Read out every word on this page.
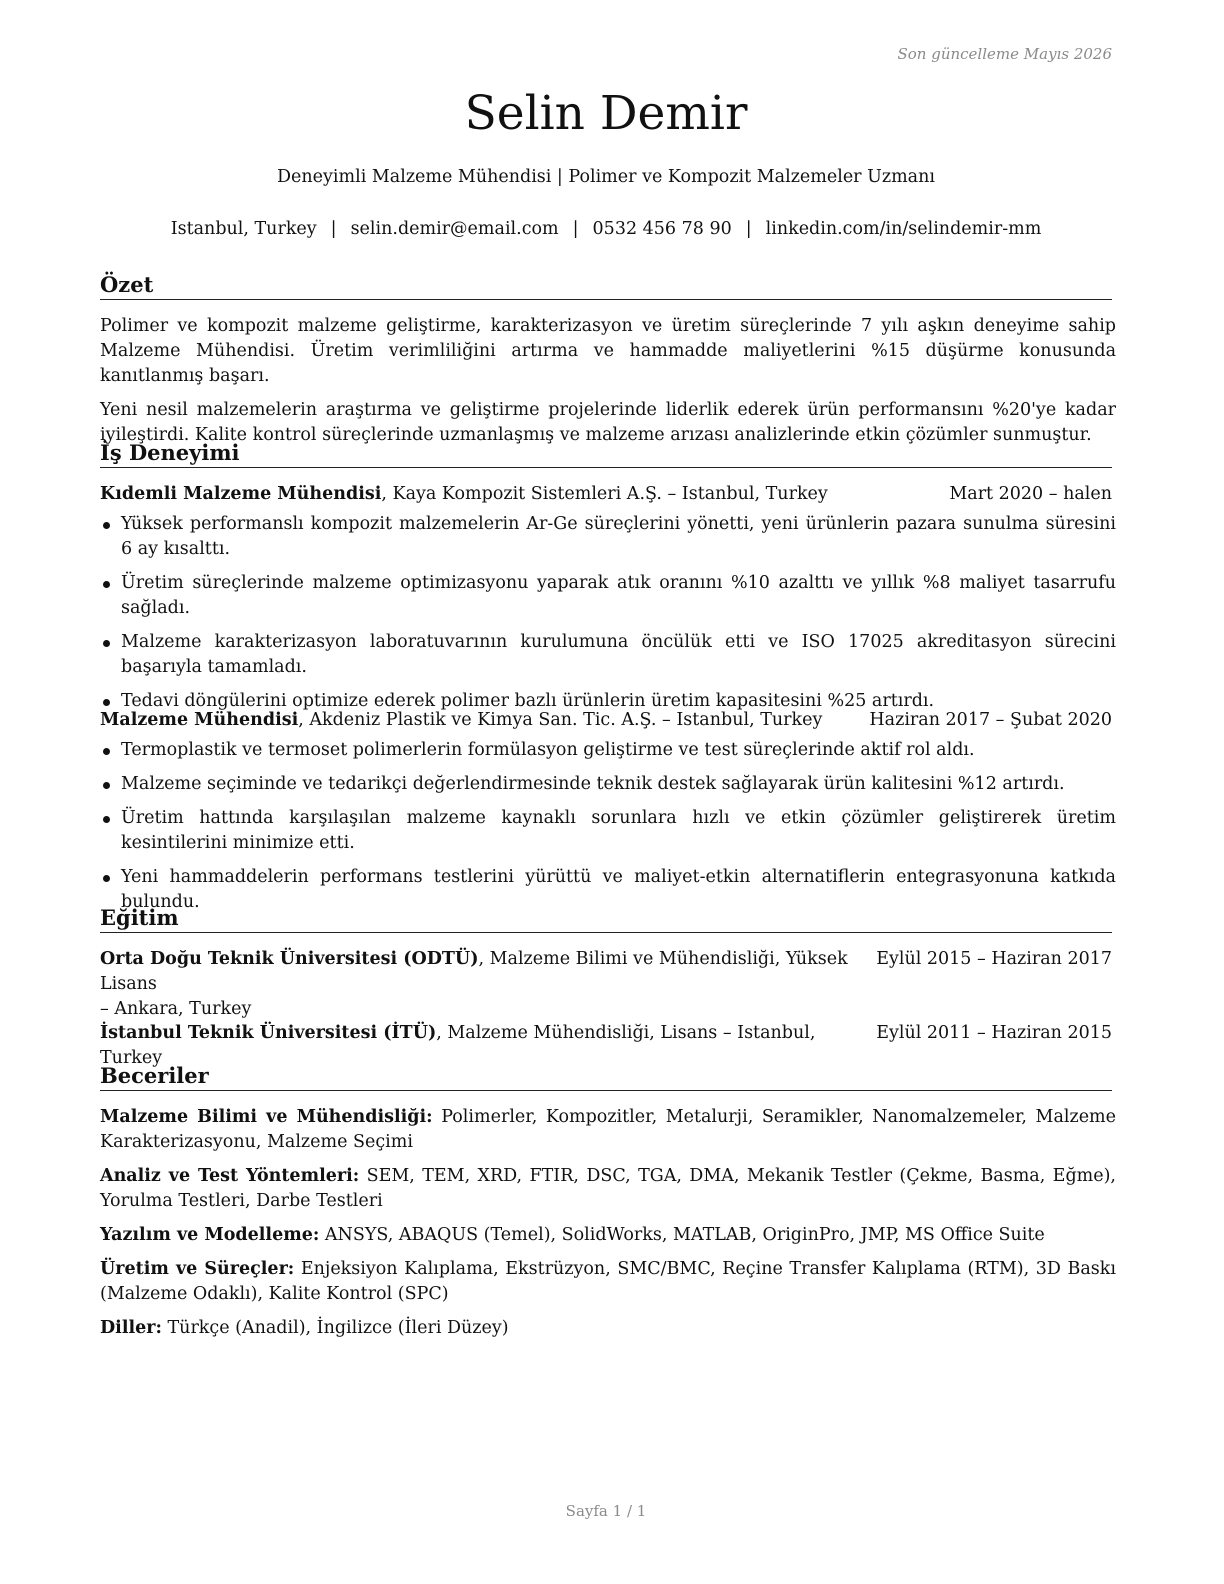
Son güncelleme Mayıs 2026
Selin Demir
Deneyimli Malzeme Mühendisi | Polimer ve Kompozit Malzemeler Uzmanı
Istanbul, Turkey | selin.demir@email.com | 0532 456 78 90 | linkedin.com/in/selindemir-mm
Özet

Polimer ve kompozit malzeme geliştirme, karakterizasyon ve üretim süreçlerinde 7 yılı aşkın deneyime sahip Malzeme Mühendisi. Üretim verimliliğini artırma ve hammadde maliyetlerini %15 düşürme konusunda kanıtlanmış başarı.

Yeni nesil malzemelerin araştırma ve geliştirme projelerinde liderlik ederek ürün performansını %20'ye kadar iyileştirdi. Kalite kontrol süreçlerinde uzmanlaşmış ve malzeme arızası analizlerinde etkin çözümler sunmuştur.

İş Deneyimi
Kıdemli Malzeme Mühendisi, Kaya Kompozit Sistemleri A.Ş. – Istanbul, Turkey	Mart 2020 – halen
Yüksek performanslı kompozit malzemelerin Ar-Ge süreçlerini yönetti, yeni ürünlerin pazara sunulma süresini 6 ay kısalttı.
Üretim süreçlerinde malzeme optimizasyonu yaparak atık oranını %10 azalttı ve yıllık %8 maliyet tasarrufu sağladı.
Malzeme karakterizasyon laboratuvarının kurulumuna öncülük etti ve ISO 17025 akreditasyon sürecini başarıyla tamamladı.
Tedavi döngülerini optimize ederek polimer bazlı ürünlerin üretim kapasitesini %25 artırdı.
Malzeme Mühendisi, Akdeniz Plastik ve Kimya San. Tic. A.Ş. – Istanbul, Turkey	Haziran 2017 – Şubat 2020
Termoplastik ve termoset polimerlerin formülasyon geliştirme ve test süreçlerinde aktif rol aldı.
Malzeme seçiminde ve tedarikçi değerlendirmesinde teknik destek sağlayarak ürün kalitesini %12 artırdı.
Üretim hattında karşılaşılan malzeme kaynaklı sorunlara hızlı ve etkin çözümler geliştirerek üretim kesintilerini minimize etti.
Yeni hammaddelerin performans testlerini yürüttü ve maliyet-etkin alternatiflerin entegrasyonuna katkıda bulundu.
Eğitim
Orta Doğu Teknik Üniversitesi (ODTÜ), Malzeme Bilimi ve Mühendisliği, Yüksek Lisans
Eylül 2015 – Haziran 2017
– Ankara, Turkey
İstanbul Teknik Üniversitesi (İTÜ), Malzeme Mühendisliği, Lisans – Istanbul, Turkey
Eylül 2011 – Haziran 2015
Beceriler
Malzeme Bilimi ve Mühendisliği: Polimerler, Kompozitler, Metalurji, Seramikler, Nanomalzemeler, Malzeme Karakterizasyonu, Malzeme Seçimi
Analiz ve Test Yöntemleri: SEM, TEM, XRD, FTIR, DSC, TGA, DMA, Mekanik Testler (Çekme, Basma, Eğme), Yorulma Testleri, Darbe Testleri
Yazılım ve Modelleme: ANSYS, ABAQUS (Temel), SolidWorks, MATLAB, OriginPro, JMP, MS Office Suite
Üretim ve Süreçler: Enjeksiyon Kalıplama, Ekstrüzyon, SMC/BMC, Reçine Transfer Kalıplama (RTM), 3D Baskı (Malzeme Odaklı), Kalite Kontrol (SPC)
Diller: Türkçe (Anadil), İngilizce (İleri Düzey)
Sayfa 1 / 1
